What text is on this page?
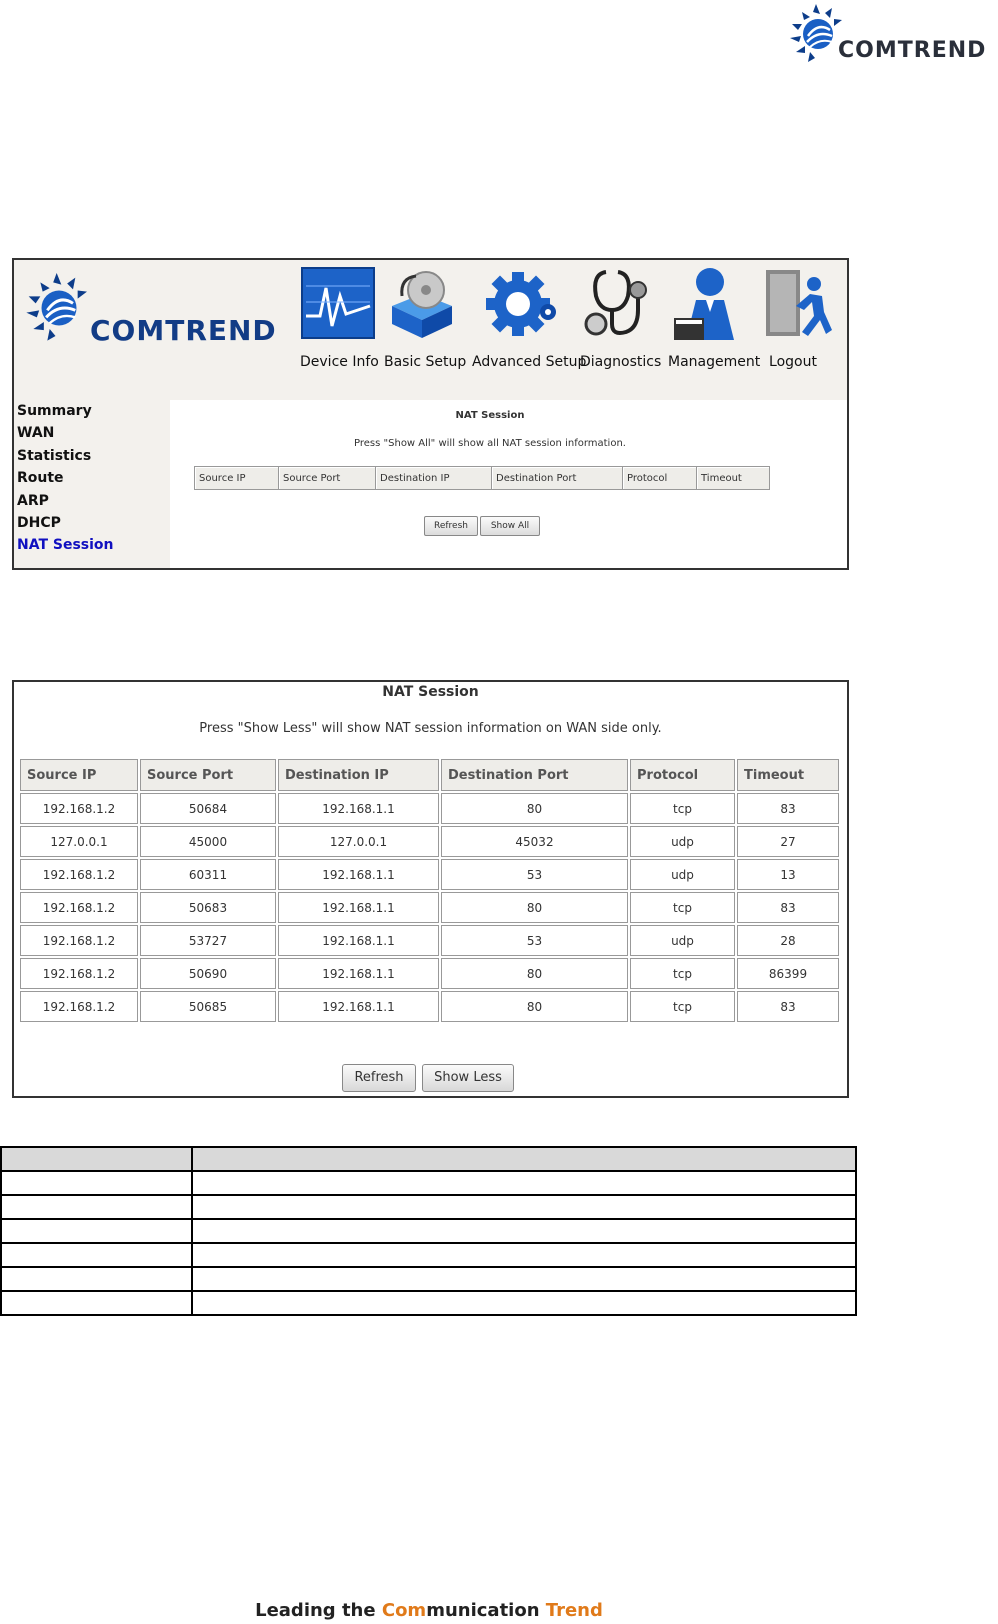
COMTREND
COMTREND
Device Info Basic Setup Advanced Setup
Diagnostics Management Logout
Summary
WAN
Statistics
Route
ARP
DHCP
NAT Session
NAT Session
Press "Show All" will show all NAT session information.
Source IP	Source Port	Destination IP	Destination Port	Protocol	Timeout
Refresh	Show All
NAT Session
Press "Show Less" will show NAT session information on WAN side only.
Source IP	Source Port	Destination IP	Destination Port	Protocol	Timeout
192.168.1.2	50684	192.168.1.1	80	tcp	83
127.0.0.1	45000	127.0.0.1	45032	udp	27
192.168.1.2	60311	192.168.1.1	53	udp	13
192.168.1.2	50683	192.168.1.1	80	tcp	83
192.168.1.2	53727	192.168.1.1	53	udp	28
192.168.1.2	50690	192.168.1.1	80	tcp	86399
192.168.1.2	50685	192.168.1.1	80	tcp	83
Refresh	Show Less

Leading the Communication Trend
